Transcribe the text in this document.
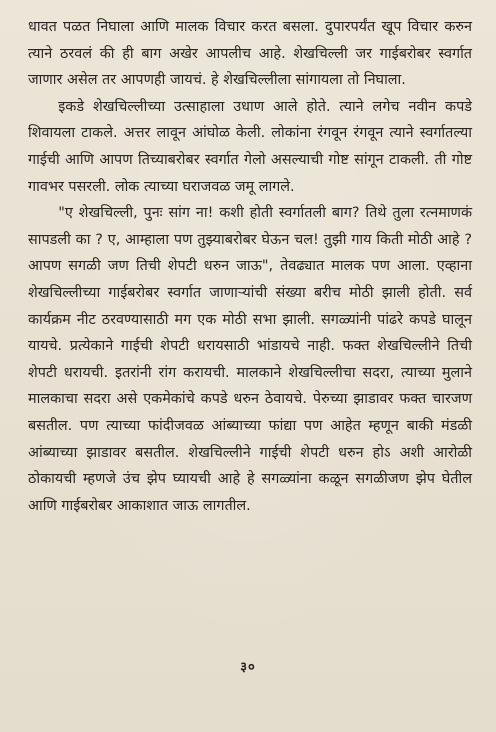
धावत पळत निघाला आणि मालक विचार करत बसला. दुपारपर्यंत खूप विचार करुन त्याने ठरवलं की ही बाग अखेर आपलीच आहे. शेखचिल्ली जर गाईबरोबर स्वर्गात जाणार असेल तर आपणही जायचं. हे शेखचिल्लीला सांगायला तो निघाला.

इकडे शेखचिल्लीच्या उत्साहाला उधाण आले होते. त्याने लगेच नवीन कपडे शिवायला टाकले. अत्तर लावून आंघोळ केली. लोकांना रंगवून रंगवून त्याने स्वर्गातल्या गाईची आणि आपण तिच्याबरोबर स्वर्गात गेलो असल्याची गोष्ट सांगून टाकली. ती गोष्ट गावभर पसरली. लोक त्याच्या घराजवळ जमू लागले.

"ए शेखचिल्ली, पुनः सांग ना! कशी होती स्वर्गातली बाग? तिथे तुला रत्नमाणकं सापडली का ? ए, आम्हाला पण तुझ्याबरोबर घेऊन चल! तुझी गाय किती मोठी आहे ? आपण सगळी जण तिची शेपटी धरुन जाऊ", तेवढ्यात मालक पण आला. एव्हाना शेखचिल्लीच्या गाईबरोबर स्वर्गात जाणाऱ्यांची संख्या बरीच मोठी झाली होती. सर्व कार्यक्रम नीट ठरवण्यासाठी मग एक मोठी सभा झाली. सगळ्यांनी पांढरे कपडे घालून यायचे. प्रत्येकाने गाईची शेपटी धरायसाठी भांडायचे नाही. फक्त शेखचिल्लीने तिची शेपटी धरायची. इतरांनी रांग करायची. मालकाने शेखचिल्लीचा सदरा, त्याच्या मुलाने मालकाचा सदरा असे एकमेकांचे कपडे धरुन ठेवायचे. पेरुच्या झाडावर फक्त चारजण बसतील. पण त्याच्या फांदीजवळ आंब्याच्या फांद्या पण आहेत म्हणून बाकी मंडळी आंब्याच्या झाडावर बसतील. शेखचिल्लीने गाईची शेपटी धरुन होऽ अशी आरोळी ठोकायची म्हणजे उंच झेप घ्यायची आहे हे सगळ्यांना कळून सगळीजण झेप घेतील आणि गाईबरोबर आकाशात जाऊ लागतील.

३०
